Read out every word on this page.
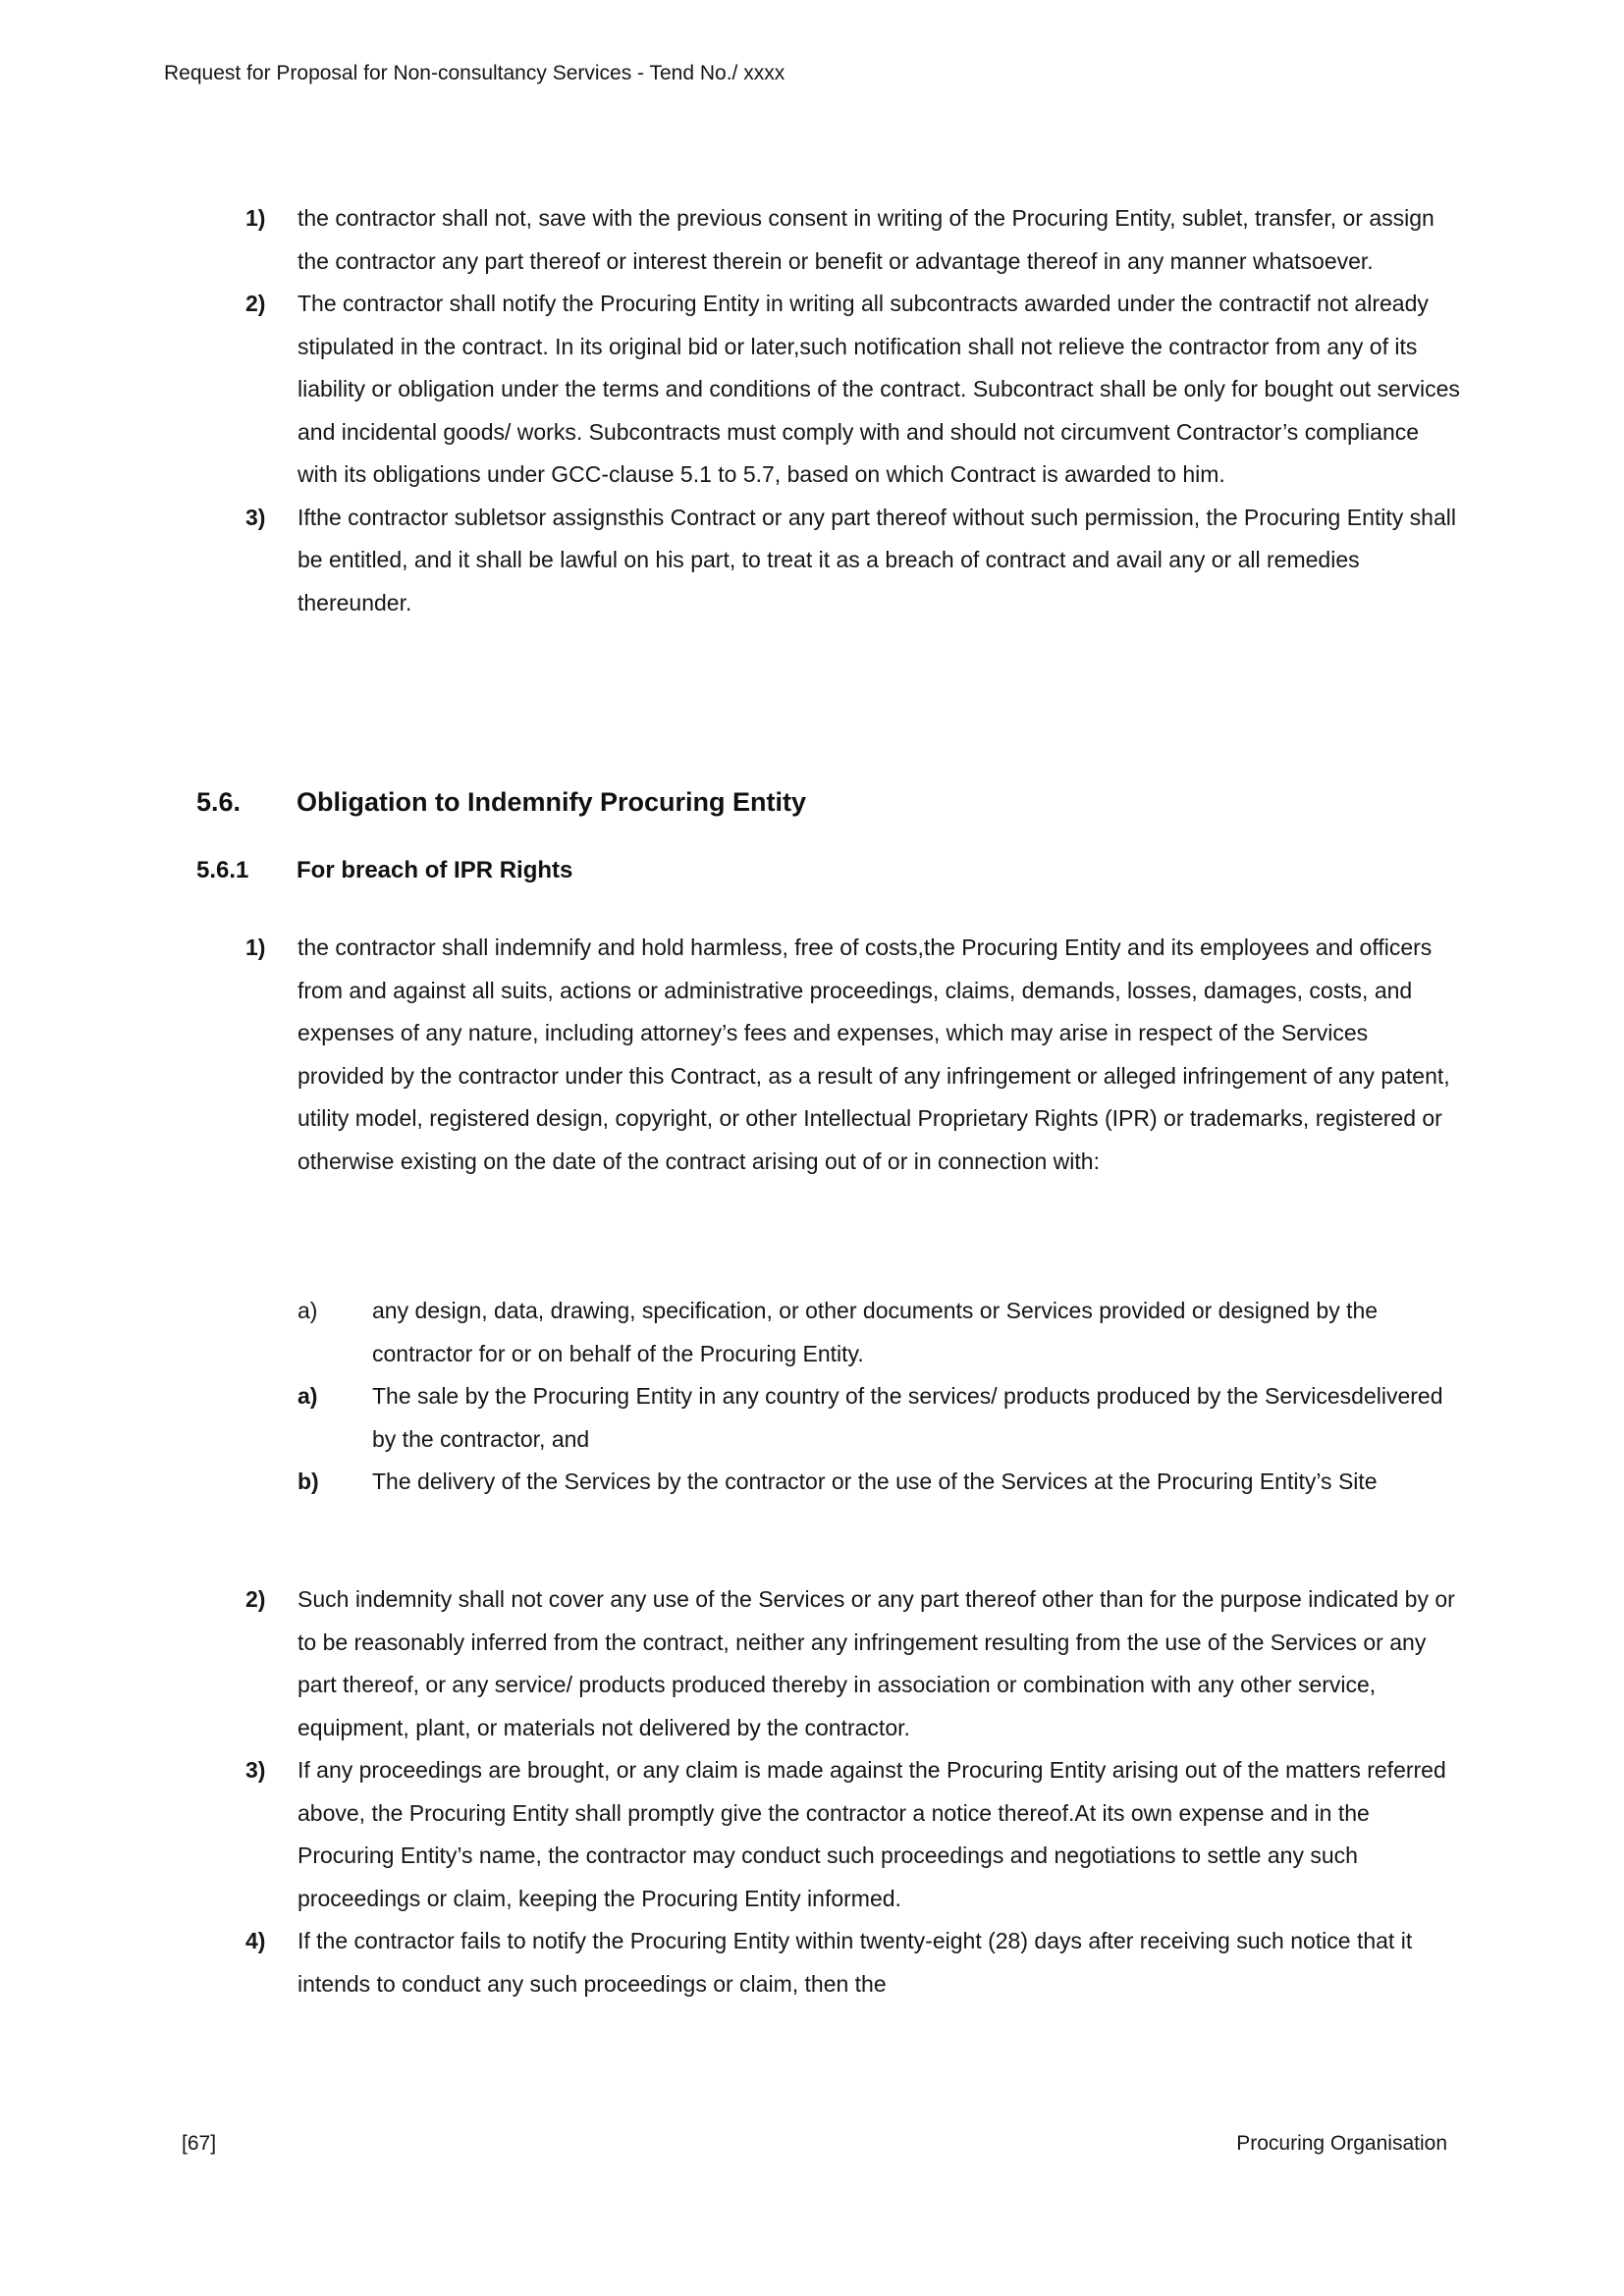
Request for Proposal for Non-consultancy Services - Tend No./ xxxx
1)	the contractor shall not, save with the previous consent in writing of the Procuring Entity, sublet, transfer, or assign the contractor any part thereof or interest therein or benefit or advantage thereof in any manner whatsoever.
2)	The contractor shall notify the Procuring Entity in writing all subcontracts awarded under the contractif not already stipulated in the contract. In its original bid or later,such notification shall not relieve the contractor from any of its liability or obligation under the terms and conditions of the contract. Subcontract shall be only for bought out services and incidental goods/ works. Subcontracts must comply with and should not circumvent Contractor’s compliance with its obligations under GCC-clause 5.1 to 5.7, based on which Contract is awarded to him.
3)	Ifthe contractor subletsor assignsthis Contract or any part thereof without such permission, the Procuring Entity shall be entitled, and it shall be lawful on his part, to treat it as a breach of contract and avail any or all remedies thereunder.
5.6.	Obligation to Indemnify Procuring Entity
5.6.1	For breach of IPR Rights
1)	the contractor shall indemnify and hold harmless, free of costs,the Procuring Entity and its employees and officers from and against all suits, actions or administrative proceedings, claims, demands, losses, damages, costs, and expenses of any nature, including attorney’s fees and expenses, which may arise in respect of the Services provided by the contractor under this Contract, as a result of any infringement or alleged infringement of any patent, utility model, registered design, copyright, or other Intellectual Proprietary Rights (IPR) or trademarks, registered or otherwise existing on the date of the contract arising out of or in connection with:
a)	any design, data, drawing, specification, or other documents or Services provided or designed by the contractor for or on behalf of the Procuring Entity.
a)	The sale by the Procuring Entity in any country of the services/ products produced by the Servicesdelivered by the contractor, and
b)	The delivery of the Services by the contractor or the use of the Services at the Procuring Entity’s Site
2)	Such indemnity shall not cover any use of the Services or any part thereof other than for the purpose indicated by or to be reasonably inferred from the contract, neither any infringement resulting from the use of the Services or any part thereof, or any service/ products produced thereby in association or combination with any other service, equipment, plant, or materials not delivered by the contractor.
3)	If any proceedings are brought, or any claim is made against the Procuring Entity arising out of the matters referred above, the Procuring Entity shall promptly give the contractor a notice thereof.At its own expense and in the Procuring Entity’s name, the contractor may conduct such proceedings and negotiations to settle any such proceedings or claim, keeping the Procuring Entity informed.
4)	If the contractor fails to notify the Procuring Entity within twenty-eight (28) days after receiving such notice that it intends to conduct any such proceedings or claim, then the
[67]	Procuring Organisation
